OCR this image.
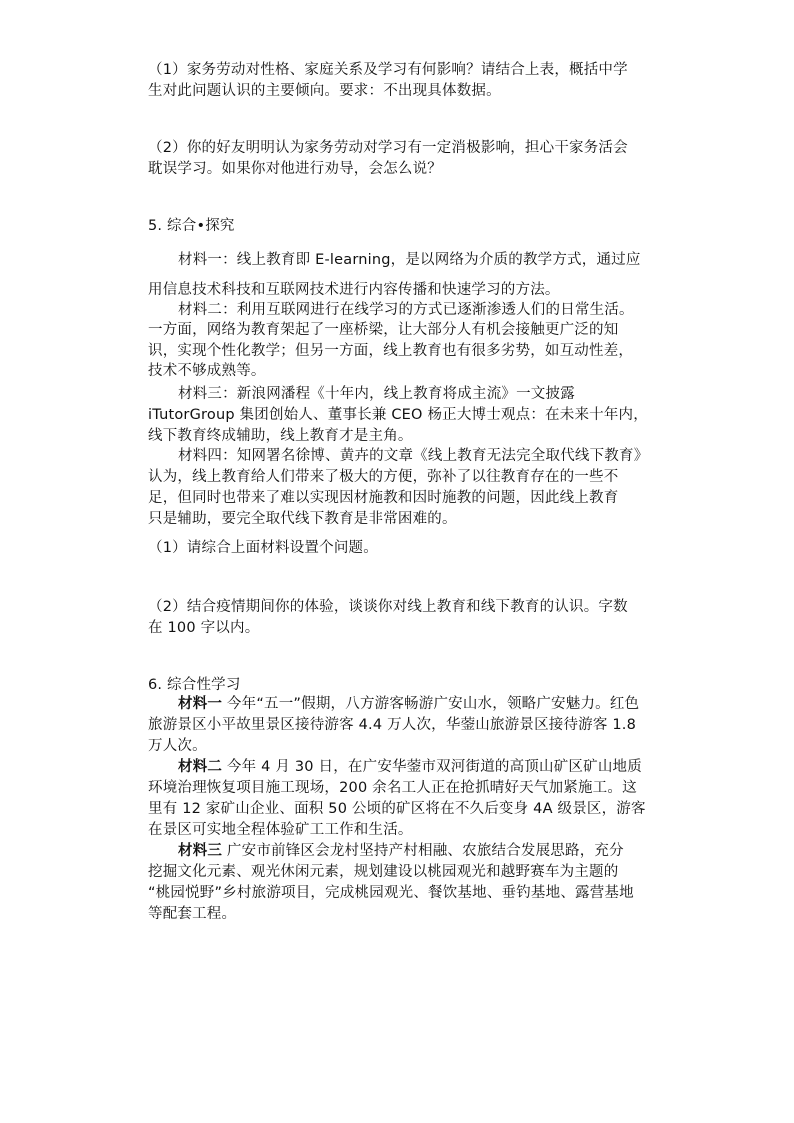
（1）家务劳动对性格、家庭关系及学习有何影响？请结合上表，概括中学
生对此问题认识的主要倾向。要求：不出现具体数据。
（2）你的好友明明认为家务劳动对学习有一定消极影响，担心干家务活会
耽误学习。如果你对他进行劝导，会怎么说？
5. 综合•探究
材料一：线上教育即 E-learning，是以网络为介质的教学方式，通过应
用信息技术科技和互联网技术进行内容传播和快速学习的方法。
材料二：利用互联网进行在线学习的方式已逐渐渗透人们的日常生活。
一方面，网络为教育架起了一座桥梁，让大部分人有机会接触更广泛的知
识，实现个性化教学；但另一方面，线上教育也有很多劣势，如互动性差，
技术不够成熟等。
材料三：新浪网潘程《十年内，线上教育将成主流》一文披露
iTutorGroup 集团创始人、董事长兼 CEO 杨正大博士观点：在未来十年内，
线下教育终成辅助，线上教育才是主角。
材料四：知网署名徐博、黄卉的文章《线上教育无法完全取代线下教育》
认为，线上教育给人们带来了极大的方便，弥补了以往教育存在的一些不
足，但同时也带来了难以实现因材施教和因时施教的问题，因此线上教育
只是辅助，要完全取代线下教育是非常困难的。
（1）请综合上面材料设置个问题。
（2）结合疫情期间你的体验，谈谈你对线上教育和线下教育的认识。字数
在 100 字以内。
6. 综合性学习
材料一 今年“五一”假期，八方游客畅游广安山水，领略广安魅力。红色
旅游景区小平故里景区接待游客 4.4 万人次，华蓥山旅游景区接待游客 1.8
万人次。
材料二 今年 4 月 30 日，在广安华蓥市双河街道的高顶山矿区矿山地质
环境治理恢复项目施工现场，200 余名工人正在抢抓晴好天气加紧施工。这
里有 12 家矿山企业、面积 50 公顷的矿区将在不久后变身 4A 级景区，游客
在景区可实地全程体验矿工工作和生活。
材料三 广安市前锋区会龙村坚持产村相融、农旅结合发展思路，充分
挖掘文化元素、观光休闲元素，规划建设以桃园观光和越野赛车为主题的
“桃园悦野”乡村旅游项目，完成桃园观光、餐饮基地、垂钓基地、露营基地
等配套工程。
